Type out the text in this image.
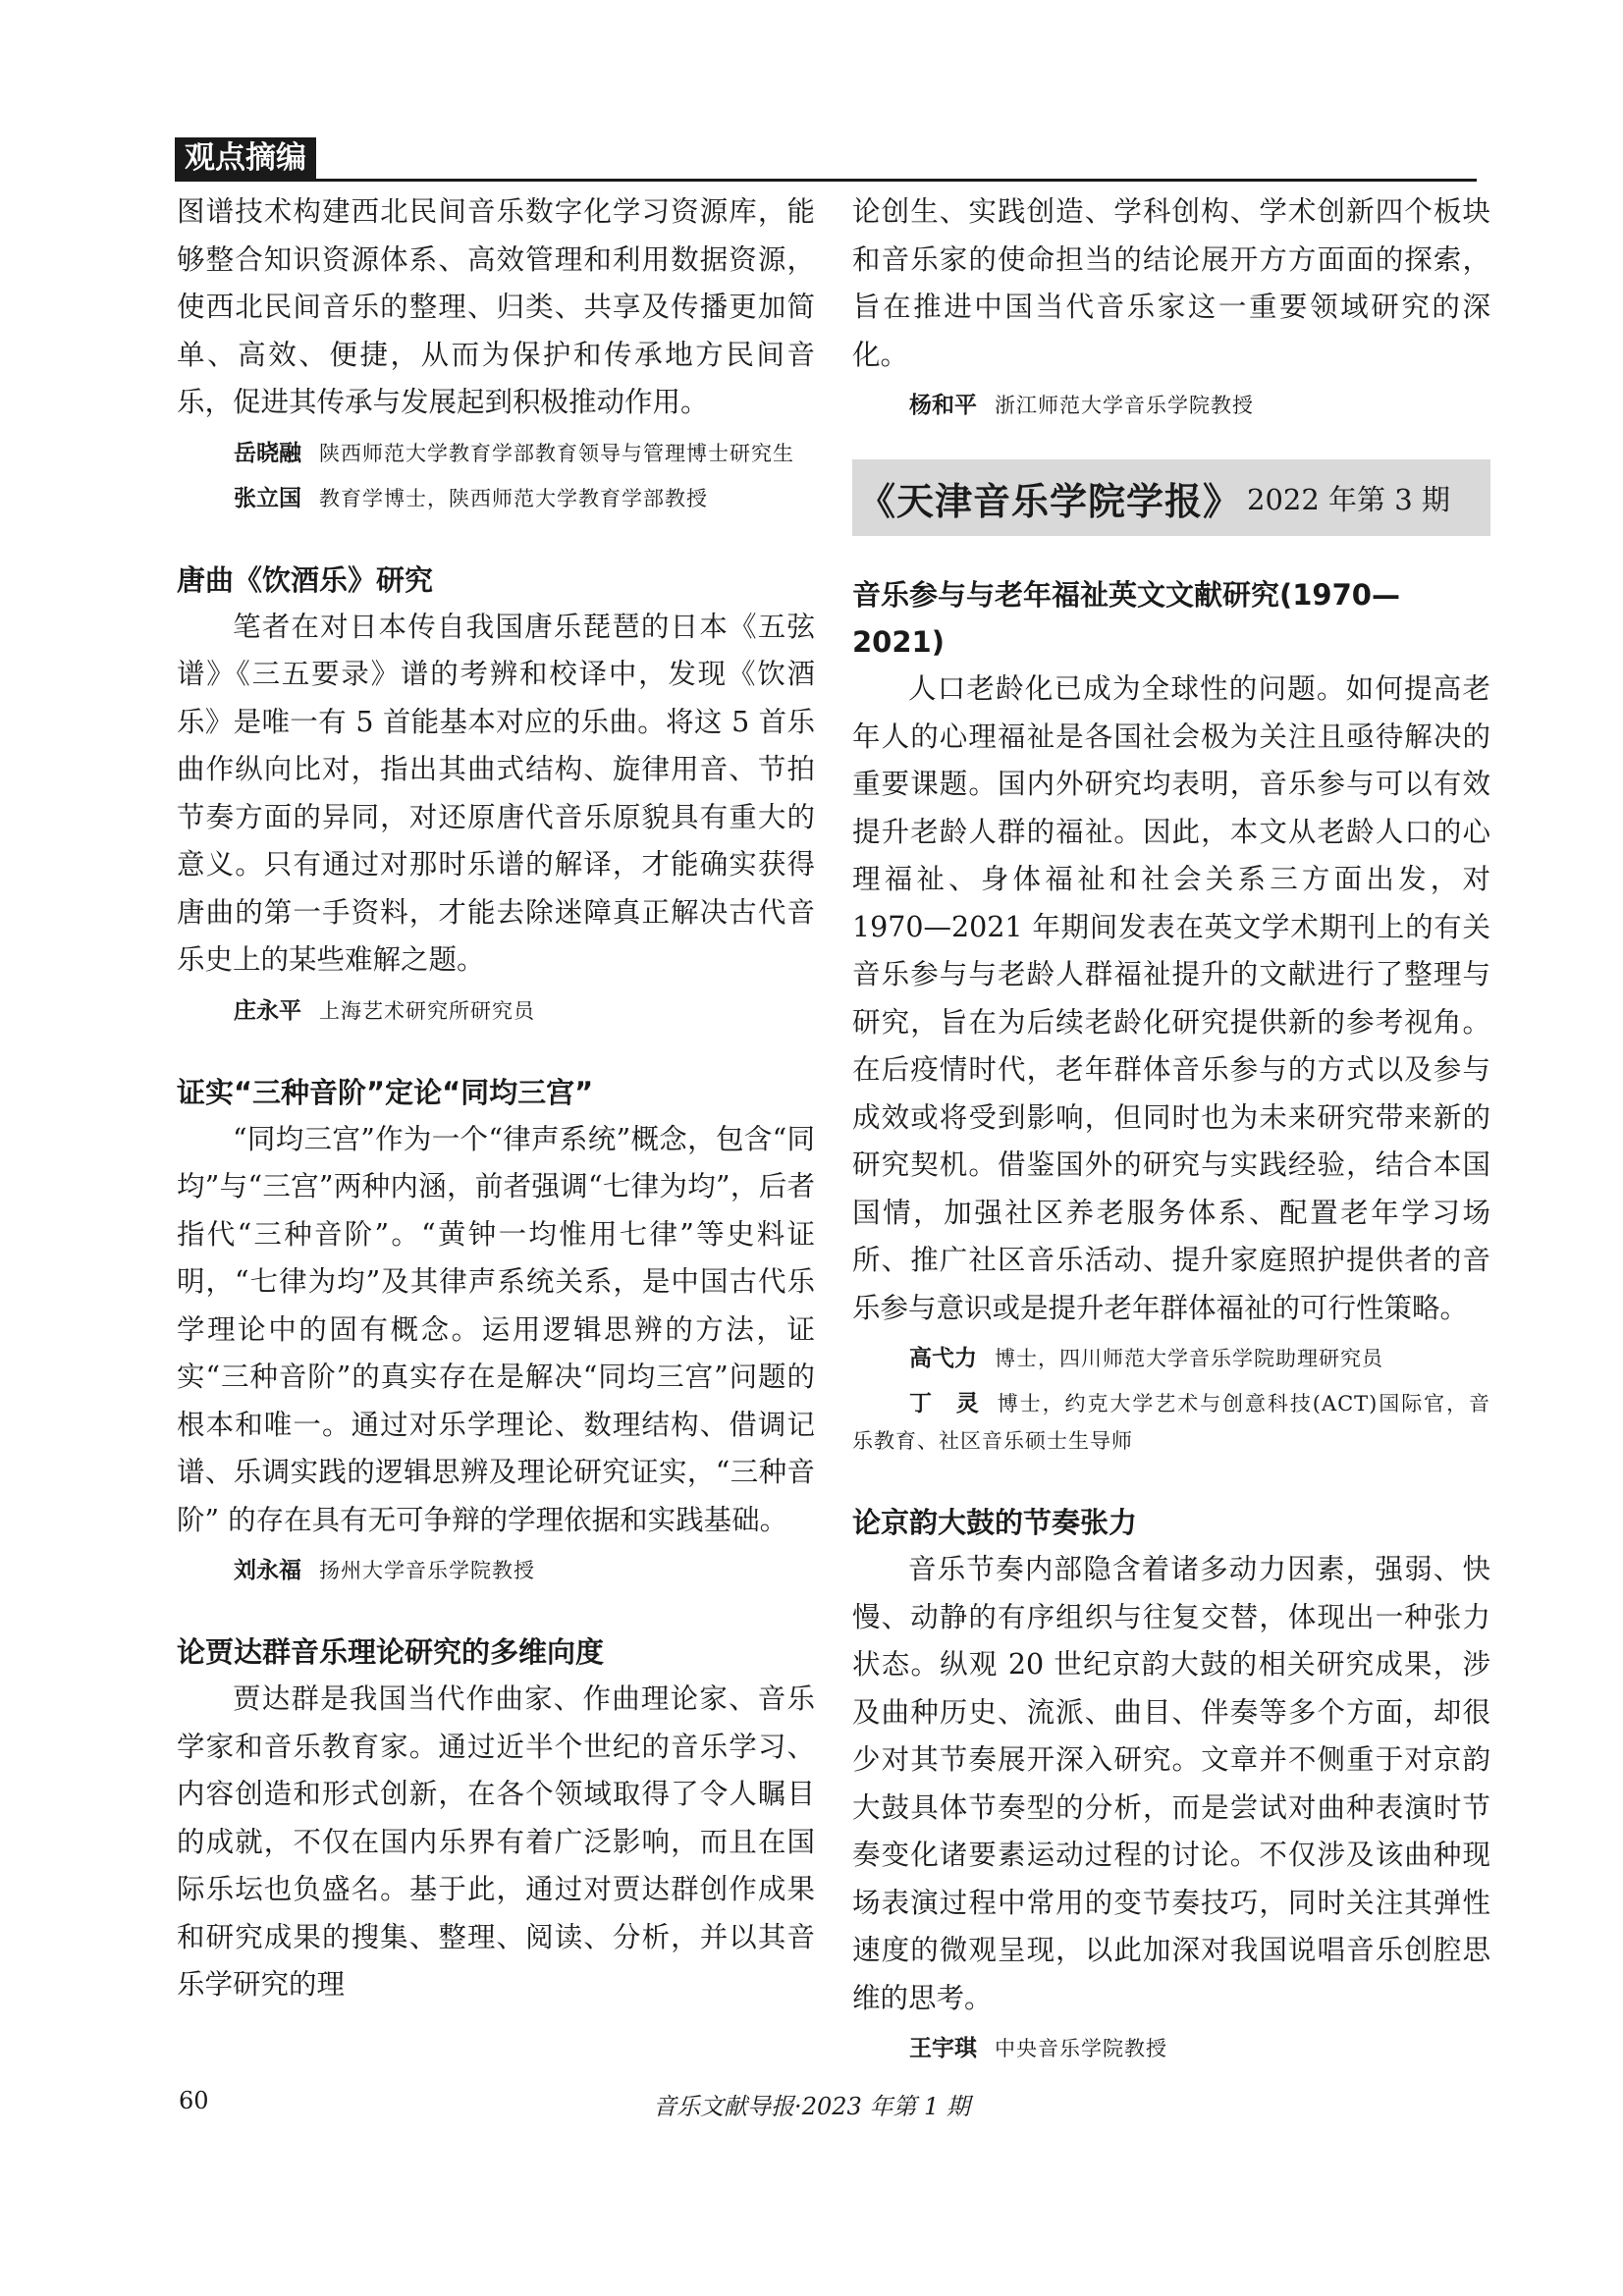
观点摘编

图谱技术构建西北民间音乐数字化学习资源库，能够整合知识资源体系、高效管理和利用数据资源，使西北民间音乐的整理、归类、共享及传播更加简单、高效、便捷，从而为保护和传承地方民间音乐，促进其传承与发展起到积极推动作用。

岳晓融 陕西师范大学教育学部教育领导与管理博士研究生

张立国 教育学博士，陕西师范大学教育学部教授

唐曲《饮酒乐》研究

笔者在对日本传自我国唐乐琵琶的日本《五弦谱》《三五要录》谱的考辨和校译中，发现《饮酒乐》是唯一有 5 首能基本对应的乐曲。将这 5 首乐曲作纵向比对，指出其曲式结构、旋律用音、节拍节奏方面的异同，对还原唐代音乐原貌具有重大的意义。只有通过对那时乐谱的解译，才能确实获得唐曲的第一手资料，才能去除迷障真正解决古代音乐史上的某些难解之题。

庄永平 上海艺术研究所研究员

证实“三种音阶”定论“同均三宫”

“同均三宫”作为一个“律声系统”概念，包含“同均”与“三宫”两种内涵，前者强调“七律为均”，后者指代“三种音阶”。“黄钟一均惟用七律”等史料证明，“七律为均”及其律声系统关系，是中国古代乐学理论中的固有概念。运用逻辑思辨的方法，证实“三种音阶”的真实存在是解决“同均三宫”问题的根本和唯一。通过对乐学理论、数理结构、借调记谱、乐调实践的逻辑思辨及理论研究证实，“三种音阶” 的存在具有无可争辩的学理依据和实践基础。

刘永福 扬州大学音乐学院教授

论贾达群音乐理论研究的多维向度

贾达群是我国当代作曲家、作曲理论家、音乐学家和音乐教育家。通过近半个世纪的音乐学习、内容创造和形式创新，在各个领域取得了令人瞩目的成就，不仅在国内乐界有着广泛影响，而且在国际乐坛也负盛名。基于此，通过对贾达群创作成果和研究成果的搜集、整理、阅读、分析，并以其音乐学研究的理

论创生、实践创造、学科创构、学术创新四个板块和音乐家的使命担当的结论展开方方面面的探索，旨在推进中国当代音乐家这一重要领域研究的深化。

杨和平 浙江师范大学音乐学院教授

《天津音乐学院学报》 2022 年第 3 期
音乐参与与老年福祉英文文献研究(1970—2021)

人口老龄化已成为全球性的问题。如何提高老年人的心理福祉是各国社会极为关注且亟待解决的重要课题。国内外研究均表明，音乐参与可以有效提升老龄人群的福祉。因此，本文从老龄人口的心理福祉、身体福祉和社会关系三方面出发，对 1970—2021 年期间发表在英文学术期刊上的有关音乐参与与老龄人群福祉提升的文献进行了整理与研究，旨在为后续老龄化研究提供新的参考视角。在后疫情时代，老年群体音乐参与的方式以及参与成效或将受到影响，但同时也为未来研究带来新的研究契机。借鉴国外的研究与实践经验，结合本国国情，加强社区养老服务体系、配置老年学习场所、推广社区音乐活动、提升家庭照护提供者的音乐参与意识或是提升老年群体福祉的可行性策略。

高弋力 博士，四川师范大学音乐学院助理研究员

丁　灵 博士，约克大学艺术与创意科技(ACT)国际官，音乐教育、社区音乐硕士生导师

论京韵大鼓的节奏张力

音乐节奏内部隐含着诸多动力因素，强弱、快慢、动静的有序组织与往复交替，体现出一种张力状态。纵观 20 世纪京韵大鼓的相关研究成果，涉及曲种历史、流派、曲目、伴奏等多个方面，却很少对其节奏展开深入研究。文章并不侧重于对京韵大鼓具体节奏型的分析，而是尝试对曲种表演时节奏变化诸要素运动过程的讨论。不仅涉及该曲种现场表演过程中常用的变节奏技巧，同时关注其弹性速度的微观呈现，以此加深对我国说唱音乐创腔思维的思考。

王宇琪 中央音乐学院教授

音乐文献导报·2023 年第 1 期
60
